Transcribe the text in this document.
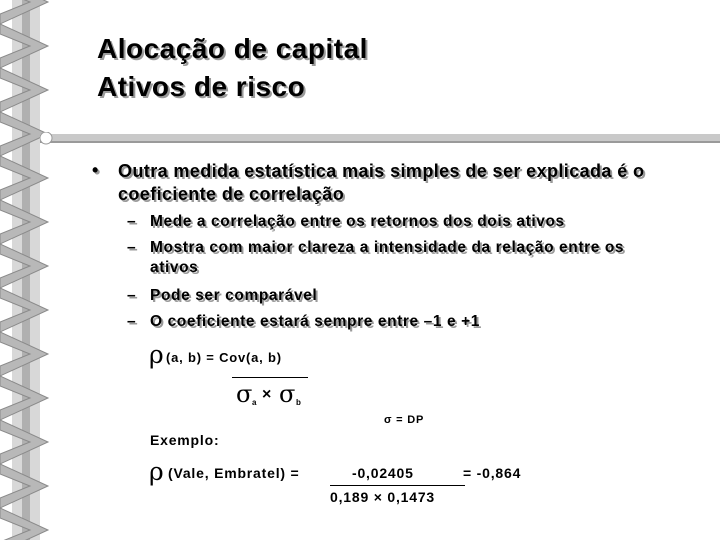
Alocação de capital
Ativos de risco
• Outra medida estatística mais simples de ser explicada é o coeficiente de correlação
– Mede a correlação entre os retornos dos dois ativos
– Mostra com maior clareza a intensidade da relação entre os ativos
– Pode ser comparável
– O coeficiente estará sempre entre –1 e +1
ρ (a, b) = Cov(a, b)
σ a × σ b
σ = DP
Exemplo:
ρ (Vale, Embratel) =	-0,02405	= -0,864
0,189 × 0,1473
